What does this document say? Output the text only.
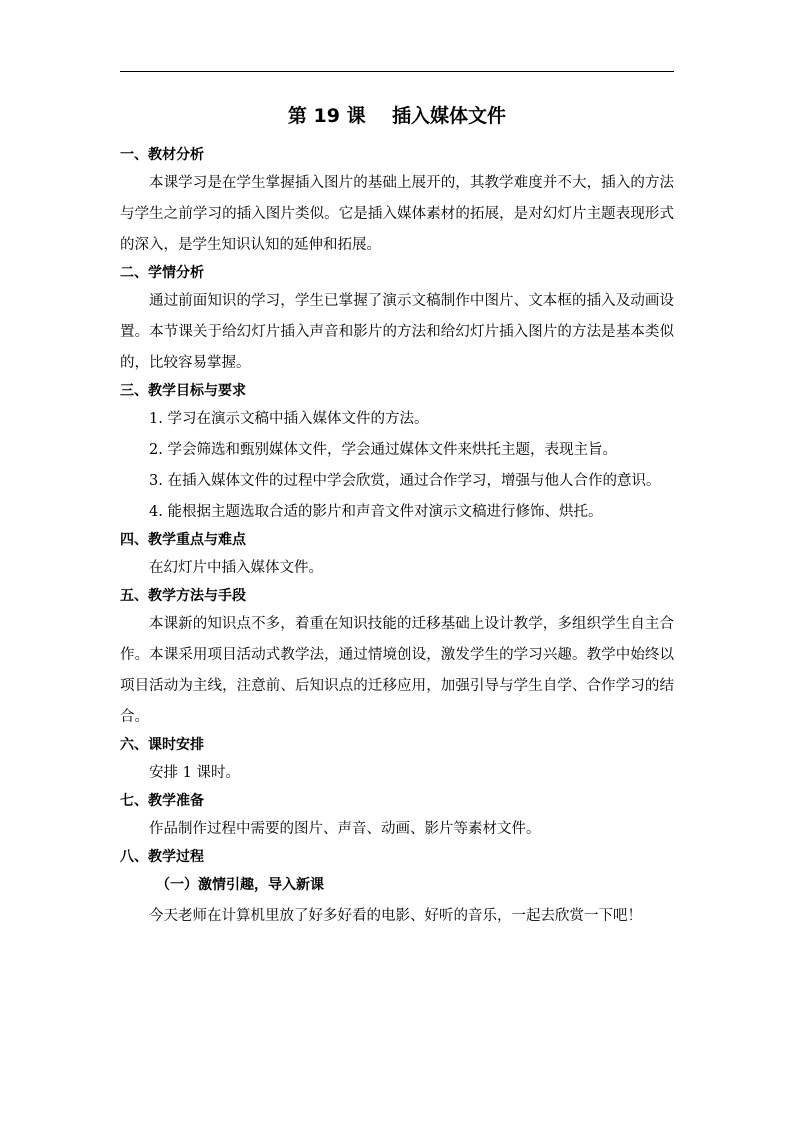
第 19 课    插入媒体文件
一、教材分析

本课学习是在学生掌握插入图片的基础上展开的，其教学难度并不大，插入的方法与学生之前学习的插入图片类似。它是插入媒体素材的拓展，是对幻灯片主题表现形式的深入，是学生知识认知的延伸和拓展。

二、学情分析

通过前面知识的学习，学生已掌握了演示文稿制作中图片、文本框的插入及动画设置。本节课关于给幻灯片插入声音和影片的方法和给幻灯片插入图片的方法是基本类似的，比较容易掌握。

三、教学目标与要求

1. 学习在演示文稿中插入媒体文件的方法。

2. 学会筛选和甄别媒体文件，学会通过媒体文件来烘托主题，表现主旨。

3. 在插入媒体文件的过程中学会欣赏，通过合作学习，增强与他人合作的意识。

4. 能根据主题选取合适的影片和声音文件对演示文稿进行修饰、烘托。

四、教学重点与难点

在幻灯片中插入媒体文件。

五、教学方法与手段

本课新的知识点不多，着重在知识技能的迁移基础上设计教学，多组织学生自主合作。本课采用项目活动式教学法，通过情境创设，激发学生的学习兴趣。教学中始终以项目活动为主线，注意前、后知识点的迁移应用，加强引导与学生自学、合作学习的结合。

六、课时安排

安排 1 课时。

七、教学准备

作品制作过程中需要的图片、声音、动画、影片等素材文件。

八、教学过程
（一）激情引趣，导入新课

今天老师在计算机里放了好多好看的电影、好听的音乐，一起去欣赏一下吧！
